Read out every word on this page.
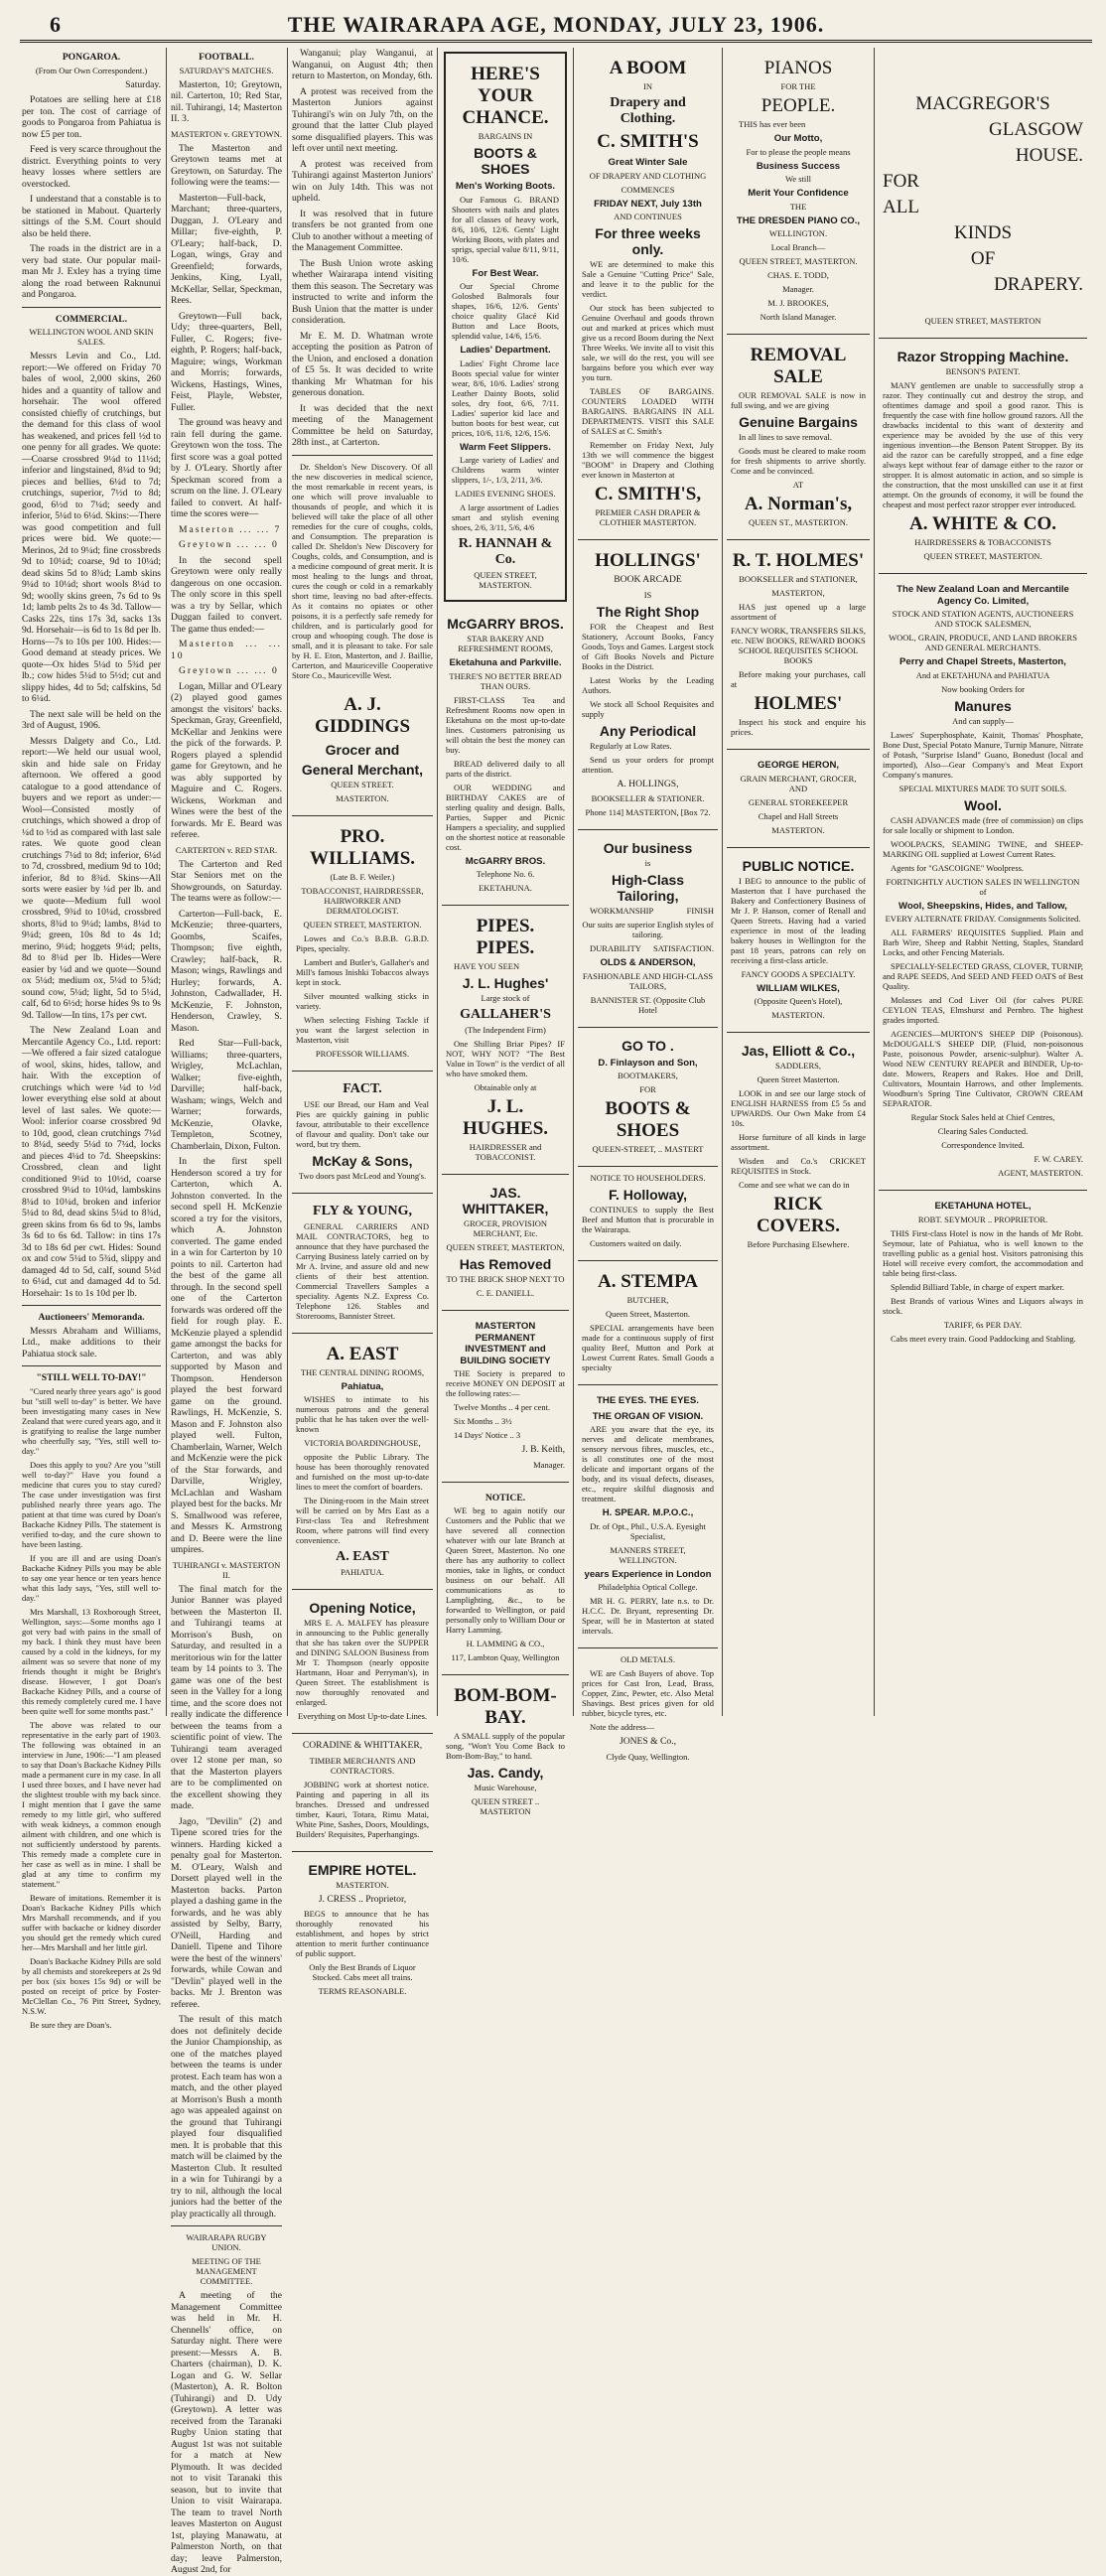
6	THE WAIRARAPA AGE, MONDAY, JULY 23, 1906.
PONGAROA.

(From Our Own Correspondent.)

Saturday.

Potatoes are selling here at £18 per ton. The cost of carriage of goods to Pongaroa from Pahiatua is now £5 per ton.

Feed is very scarce throughout the district. Everything points to very heavy losses where settlers are overstocked.

I understand that a constable is to be stationed in Mabout. Quarterly sittings of the S.M. Court should also be held there.

The roads in the district are in a very bad state. Our popular mail-man Mr J. Exley has a trying time along the road between Raknunui and Pongaroa.

COMMERCIAL.

WELLINGTON WOOL AND SKIN SALES.

Messrs Levin and Co., Ltd. report:—We offered on Friday 70 bales of wool, 2,000 skins, 260 hides and a quantity of tallow and horsehair. The wool offered consisted chiefly of crutchings, but the demand for this class of wool has weakened, and prices fell ½d to one penny for all grades. We quote:—Coarse crossbred 9¼d to 11½d; inferior and lingstained, 8¼d to 9d; pieces and bellies, 6¼d to 7d; crutchings, superior, 7½d to 8d; good, 6½d to 7¼d; seedy and inferior, 5¼d to 6¼d. Skins:—There was good competition and full prices were bid. We quote:—Merinos, 2d to 9¼d; fine crossbreds 9d to 10¼d; coarse, 9d to 10¼d; dead skins 5d to 8¾d; Lamb skins 9¼d to 10¼d; short wools 8¼d to 9d; woolly skins green, 7s 6d to 9s 1d; lamb pelts 2s to 4s 3d. Tallow—Casks 22s, tins 17s 3d, sacks 13s 9d. Horsehair—is 6d to 1s 8d per lb. Horns—7s to 10s per 100. Hides:—Good demand at steady prices. We quote—Ox hides 5¼d to 5¾d per lb.; cow hides 5¼d to 5½d; cut and slippy hides, 4d to 5d; calfskins, 5d to 6¼d.

The next sale will be held on the 3rd of August, 1906.

Messrs Dalgety and Co., Ltd. report:—We held our usual wool, skin and hide sale on Friday afternoon. We offered a good catalogue to a good attendance of buyers and we report as under:—Wool—Consisted mostly of crutchings, which showed a drop of ¼d to ½d as compared with last sale rates. We quote good clean crutchings 7¼d to 8d; inferior, 6¼d to 7d, crossbred, medium 9d to 10d; inferior, 8d to 8¾d. Skins—All sorts were easier by ¼d per lb. and we quote—Medium full wool crossbred, 9¾d to 10¼d, crossbred shorts, 8¾d to 9¼d; lambs, 8¼d to 9¼d; green, 10s 8d to 4s 1d; merino, 9¼d; hoggets 9¼d; pelts, 8d to 8¼d per lb. Hides—Were easier by ¼d and we quote—Sound ox 5¼d; medium ox, 5¼d to 5¾d; sound cow, 5¼d; light, 5d to 5¼d, calf, 6d to 6½d; horse hides 9s to 9s 9d. Tallow—In tins, 17s per cwt.

The New Zealand Loan and Mercantile Agency Co., Ltd. report:—We offered a fair sized catalogue of wool, skins, hides, tallow, and hair. With the exception of crutchings which were ¼d to ½d lower everything else sold at about level of last sales. We quote:—Wool: inferior coarse crossbred 9d to 10d, good, clean crutchings 7¼d to 8¼d, seedy 5¼d to 7¼d, locks and pieces 4¼d to 7d. Sheepskins: Crossbred, clean and light conditioned 9¼d to 10½d, coarse crossbred 9¼d to 10¼d, lambskins 8¼d to 10¼d, broken and inferior 5¼d to 8d, dead skins 5¼d to 8¾d, green skins from 6s 6d to 9s, lambs 3s 6d to 6s 6d. Tallow: in tins 17s 3d to 18s 6d per cwt. Hides: Sound ox and cow 5¼d to 5¾d, slippy and damaged 4d to 5d, calf, sound 5¼d to 6¼d, cut and damaged 4d to 5d. Horsehair: 1s to 1s 10d per lb.

Auctioneers' Memoranda.

Messrs Abraham and Williams, Ltd., make additions to their Pahiatua stock sale.

"STILL WELL TO-DAY!"

"Cured nearly three years ago" is good but "still well to-day" is better. We have been investigating many cases in New Zealand that were cured years ago, and it is gratifying to realise the large number who cheerfully say, "Yes, still well to-day."

Does this apply to you? Are you "still well to-day?" Have you found a medicine that cures you to stay cured? The case under investigation was first published nearly three years ago. The patient at that time was cured by Doan's Backache Kidney Pills. The statement is verified to-day, and the cure shown to have been lasting.

If you are ill and are using Doan's Backache Kidney Pills you may be able to say one year hence or ten years hence what this lady says, "Yes, still well to-day."

Mrs Marshall, 13 Roxborough Street, Wellington, says:—Some months ago I got very bad with pains in the small of my back. I think they must have been caused by a cold in the kidneys, for my ailment was so severe that none of my friends thought it might be Bright's disease. However, I got Doan's Backache Kidney Pills, and a course of this remedy completely cured me. I have been quite well for some months past."

The above was related to our representative in the early part of 1903. The following was obtained in an interview in June, 1906:—"I am pleased to say that Doan's Backache Kidney Pills made a permanent cure in my case. In all I used three boxes, and I have never had the slightest trouble with my back since. I might mention that I gave the same remedy to my little girl, who suffered with weak kidneys, a common enough ailment with children, and one which is not sufficiently understood by parents. This remedy made a complete cure in her case as well as in mine. I shall be glad at any time to confirm my statement."

Beware of imitations. Remember it is Doan's Backache Kidney Pills which Mrs Marshall recommends, and if you suffer with backache or kidney disorder you should get the remedy which cured her—Mrs Marshall and her little girl.

Doan's Backache Kidney Pills are sold by all chemists and storekeepers at 2s 9d per box (six boxes 15s 9d) or will be posted on receipt of price by Foster-McClellan Co., 76 Pitt Street, Sydney, N.S.W.

Be sure they are Doan's.

FOOTBALL.

SATURDAY'S MATCHES.

Masterton, 10; Greytown, nil. Carterton, 10; Red Star, nil. Tuhirangi, 14; Masterton II. 3.

MASTERTON v. GREYTOWN.

The Masterton and Greytown teams met at Greytown, on Saturday. The following were the teams:—

Masterton—Full-back, Marchant; three-quarters, Duggan, J. O'Leary and Millar; five-eighth, P. O'Leary; half-back, D. Logan, wings, Gray and Greenfield; forwards, Jenkins, King, Lyall, McKellar, Sellar, Speckman, Rees.

Greytown—Full back, Udy; three-quarters, Bell, Fuller, C. Rogers; five-eighth, P. Rogers; half-back, Maguire; wings, Workman and Morris; forwards, Wickens, Hastings, Wines, Feist, Playle, Webster, Fuller.

The ground was heavy and rain fell during the game. Greytown won the toss. The first score was a goal potted by J. O'Leary. Shortly after Speckman scored from a scrum on the line. J. O'Leary failed to convert. At half-time the scores were—

Masterton ... ... 7

Greytown ... ... 0

In the second spell Greytown were only really dangerous on one occasion. The only score in this spell was a try by Sellar, which Duggan failed to convert. The game thus ended:—

Masterton ... ... 10

Greytown ... ... 0

Logan, Millar and O'Leary (2) played good games amongst the visitors' backs. Speckman, Gray, Greenfield, McKellar and Jenkins were the pick of the forwards. P. Rogers played a splendid game for Greytown, and he was ably supported by Maguire and C. Rogers. Wickens, Workman and Wines were the best of the forwards. Mr E. Beard was referee.

CARTERTON v. RED STAR.

The Carterton and Red Star Seniors met on the Showgrounds, on Saturday. The teams were as follow:—

Carterton—Full-back, E. McKenzie; three-quarters, Goombs, Scaifes, Thompson; five eighth, Crawley; half-back, R. Mason; wings, Rawlings and Hurley; forwards, A. Johnston, Cadwallader, H. McKenzie, F. Johnston, Henderson, Crawley, S. Mason.

Red Star—Full-back, Williams; three-quarters, Wrigley, McLachlan, Walker; five-eighth, Darville; half-back, Washam; wings, Welch and Warner; forwards, McKenzie, Olavke, Templeton, Scotney, Chamberlain, Dixon, Fulton.

In the first spell Henderson scored a try for Carterton, which A. Johnston converted. In the second spell H. McKenzie scored a try for the visitors, which A. Johnston converted. The game ended in a win for Carterton by 10 points to nil. Carterton had the best of the game all through. In the second spell one of the Carterton forwards was ordered off the field for rough play. E. McKenzie played a splendid game amongst the backs for Carterton, and was ably supported by Mason and Thompson. Henderson played the best forward game on the ground. Rawlings, H. McKenzie, S. Mason and F. Johnston also played well. Fulton, Chamberlain, Warner, Welch and McKenzie were the pick of the Star forwards, and Darville, Wrigley, McLachlan and Washam played best for the backs. Mr S. Smallwood was referee, and Messrs K. Armstrong and D. Beere were the line umpires.

TUHIRANGI v. MASTERTON II.

The final match for the Junior Banner was played between the Masterton II. and Tuhirangi teams at Morrison's Bush, on Saturday, and resulted in a meritorious win for the latter team by 14 points to 3. The game was one of the best seen in the Valley for a long time, and the score does not really indicate the difference between the teams from a scientific point of view. The Tuhirangi team averaged over 12 stone per man, so that the Masterton players are to be complimented on the excellent showing they made.

Jago, "Devilin" (2) and Tipene scored tries for the winners. Harding kicked a penalty goal for Masterton. M. O'Leary, Walsh and Dorsett played well in the Masterton backs. Parton played a dashing game in the forwards, and he was ably assisted by Selby, Barry, O'Neill, Harding and Daniell. Tipene and Tihore were the best of the winners' forwards, while Cowan and "Devlin" played well in the backs. Mr J. Brenton was referee.

The result of this match does not definitely decide the Junior Championship, as one of the matches played between the teams is under protest. Each team has won a match, and the other played at Morrison's Bush a month ago was appealed against on the ground that Tuhirangi played four disqualified men. It is probable that this match will be claimed by the Masterton Club. It resulted in a win for Tuhirangi by a try to nil, although the local juniors had the better of the play practically all through.

WAIRARAPA RUGBY UNION.

MEETING OF THE MANAGEMENT COMMITTEE.

A meeting of the Management Committee was held in Mr. H. Chennells' office, on Saturday night. There were present:—Messrs A. B. Charters (chairman), D. K. Logan and G. W. Sellar (Masterton), A. R. Bolton (Tuhirangi) and D. Udy (Greytown). A letter was received from the Taranaki Rugby Union stating that August 1st was not suitable for a match at New Plymouth. It was decided not to visit Taranaki this season, but to invite that Union to visit Wairarapa. The team to travel North leaves Masterton on August 1st, playing Manawatu, at Palmerston North, on that day; leave Palmerston, August 2nd, for

Wanganui; play Wanganui, at Wanganui, on August 4th; then return to Masterton, on Monday, 6th.

A protest was received from the Masterton Juniors against Tuhirangi's win on July 7th, on the ground that the latter Club played some disqualified players. This was left over until next meeting.

A protest was received from Tuhirangi against Masterton Juniors' win on July 14th. This was not upheld.

It was resolved that in future transfers be not granted from one Club to another without a meeting of the Management Committee.

The Bush Union wrote asking whether Wairarapa intend visiting them this season. The Secretary was instructed to write and inform the Bush Union that the matter is under consideration.

Mr E. M. D. Whatman wrote accepting the position as Patron of the Union, and enclosed a donation of £5 5s. It was decided to write thanking Mr Whatman for his generous donation.

It was decided that the next meeting of the Management Committee be held on Saturday, 28th inst., at Carterton.

Dr. Sheldon's New Discovery. Of all the new discoveries in medical science, the most remarkable in recent years, is one which will prove invaluable to thousands of people, and which it is believed will take the place of all other remedies for the cure of coughs, colds, and Consumption. The preparation is called Dr. Sheldon's New Discovery for Coughs, colds, and Consumption, and is a medicine compound of great merit. It is most healing to the lungs and throat, cures the cough or cold in a remarkably short time, leaving no bad after-effects. As it contains no opiates or other poisons, it is a perfectly safe remedy for children, and is particularly good for croup and whooping cough. The dose is small, and it is pleasant to take. For sale by H. E. Eton, Masterton, and J. Baillie, Carterton, and Mauriceville Cooperative Store Co., Mauriceville West.

A. J. GIDDINGS
Grocer and
General Merchant,

QUEEN STREET.

MASTERTON.

PRO. WILLIAMS.

(Late B. F. Weiler.)

TOBACCONIST, HAIRDRESSER, HAIRWORKER AND DERMATOLOGIST.

QUEEN STREET, MASTERTON.

Lowes and Co.'s B.B.B. G.B.D. Pipes, specialty.

Lambert and Butler's, Gallaher's and Mill's famous Inishki Tobaccos always kept in stock.

Silver mounted walking sticks in variety.

When selecting Fishing Tackle if you want the largest selection in Masterton, visit

PROFESSOR WILLIAMS.

FACT.

USE our Bread, our Ham and Veal Pies are quickly gaining in public favour, attributable to their excellence of flavour and quality. Don't take our word, but try them.

McKay & Sons,

Two doors past McLeod and Young's.

FLY & YOUNG,

GENERAL CARRIERS AND MAIL CONTRACTORS, beg to announce that they have purchased the Carrying Business lately carried on by Mr A. Irvine, and assure old and new clients of their best attention. Commercial Travellers Samples a speciality. Agents N.Z. Express Co. Telephone 126. Stables and Storerooms, Bannister Street.

A. EAST

THE CENTRAL DINING ROOMS,

Pahiatua,

WISHES to intimate to his numerous patrons and the general public that he has taken over the well-known

VICTORIA BOARDINGHOUSE,

opposite the Public Library. The house has been thoroughly renovated and furnished on the most up-to-date lines to meet the comfort of boarders.

The Dining-room in the Main street will be carried on by Mrs East as a First-class Tea and Refreshment Room, where patrons will find every convenience.

A. EAST

PAHIATUA.

Opening Notice,

MRS E. A. MALFEY has pleasure in announcing to the Public generally that she has taken over the SUPPER and DINING SALOON Business from Mr T. Thompson (nearly opposite Hartmann, Hoar and Perryman's), in Queen Street. The establishment is now thoroughly renovated and enlarged.

Everything on Most Up-to-date Lines.

CORADINE & WHITTAKER,

TIMBER MERCHANTS AND CONTRACTORS.

JOBBING work at shortest notice. Painting and papering in all its branches. Dressed and undressed timber, Kauri, Totara, Rimu Matai, White Pine, Sashes, Doors, Mouldings, Builders' Requisites, Paperhangings.

EMPIRE HOTEL.

MASTERTON.

J. CRESS .. Proprietor,

BEGS to announce that he has thoroughly renovated his establishment, and hopes by strict attention to merit further continuance of public support.

Only the Best Brands of Liquor Stocked. Cabs meet all trains.

TERMS REASONABLE.

HERE'S YOUR CHANCE.

BARGAINS IN

BOOTS & SHOES
Men's Working Boots.

Our Famous G. BRAND Shooters with nails and plates for all classes of heavy work, 8/6, 10/6, 12/6. Gents' Light Working Boots, with plates and sprigs, special value 8/11, 9/11, 10/6.

For Best Wear.

Our Special Chrome Golosbed Balmorals four shapes, 16/6, 12/6. Gents' choice quality Glacé Kid Button and Lace Boots, splendid value, 14/6, 15/6.

Ladies' Department.

Ladies' Fight Chrome lace Boots special value for winter wear, 8/6, 10/6. Ladies' strong Leather Dainty Boots, solid soles, dry foot, 6/6, 7/11. Ladies' superior kid lace and button boots for best wear, cut prices, 10/6, 11/6, 12/6, 15/6.

Warm Feet Slippers.

Large variety of Ladies' and Childrens warm winter slippers, 1/-, 1/3, 2/11, 3/6.

LADIES EVENING SHOES.

A large assortment of Ladies smart and stylish evening shoes, 2/6, 3/11, 5/6, 4/6

R. HANNAH & Co.

QUEEN STREET, MASTERTON.

McGARRY BROS.

STAR BAKERY AND REFRESHMENT ROOMS,

Eketahuna and Parkville.

THERE'S NO BETTER BREAD THAN OURS.

FIRST-CLASS Tea and Refreshment Rooms now open in Eketahuna on the most up-to-date lines. Customers patronising us will obtain the best the money can buy.

BREAD delivered daily to all parts of the district.

OUR WEDDING and BIRTHDAY CAKES are of sterling quality and design. Balls, Parties, Supper and Picnic Hampers a speciality, and supplied on the shortest notice at reasonable cost.

McGARRY BROS.

Telephone No. 6.

EKETAHUNA.

PIPES. PIPES.

HAVE YOU SEEN

J. L. Hughes'

Large stock of

GALLAHER'S

(The Independent Firm)

One Shilling Briar Pipes? IF NOT, WHY NOT? "The Best Value in Town" is the verdict of all who have smoked them.

Obtainable only at

J. L. HUGHES.

HAIRDRESSER and TOBACCONIST.

JAS. WHITTAKER,

GROCER, PROVISION MERCHANT, Etc.

QUEEN STREET, MASTERTON,

Has Removed

TO THE BRICK SHOP NEXT TO

C. E. DANIELL.

MASTERTON PERMANENT INVESTMENT and BUILDING SOCIETY

THE Society is prepared to receive MONEY ON DEPOSIT at the following rates:—

Twelve Months .. 4 per cent.

Six Months .. 3½

14 Days' Notice .. 3

J. B. Keith,

Manager.

NOTICE.

WE beg to again notify our Customers and the Public that we have severed all connection whatever with our late Branch at Queen Street, Masterton. No one there has any authority to collect monies, take in lights, or conduct business on our behalf. All communications as to Lamplighting, &c., to be forwarded to Wellington, or paid personally only to William Dour or Harry Lamming.

H. LAMMING & CO.,

117, Lambton Quay, Wellington

BOM-BOM-BAY.

A SMALL supply of the popular song, "Won't You Come Back to Bom-Bom-Bay," to hand.

Jas. Candy,

Music Warehouse,

QUEEN STREET .. MASTERTON

A BOOM

IN

Drapery and Clothing.
C. SMITH'S
Great Winter Sale

OF DRAPERY AND CLOTHING

COMMENCES

FRIDAY NEXT, July 13th

AND CONTINUES

For three weeks only.

WE are determined to make this Sale a Genuine "Cutting Price" Sale, and leave it to the public for the verdict.

Our stock has been subjected to Genuine Overhaul and goods thrown out and marked at prices which must give us a record Boom during the Next Three Weeks. We invite all to visit this sale, we will do the rest, you will see bargains before you which ever way you turn.

TABLES OF BARGAINS. COUNTERS LOADED WITH BARGAINS. BARGAINS IN ALL DEPARTMENTS. VISIT this SALE of SALES at C. Smith's

Remember on Friday Next, July 13th we will commence the biggest "BOOM" in Drapery and Clothing ever known in Masterton at

C. SMITH'S,

PREMIER CASH DRAPER & CLOTHIER MASTERTON.

HOLLINGS'

BOOK ARCADE

IS

The Right Shop

FOR the Cheapest and Best Stationery, Account Books, Fancy Goods, Toys and Games. Largest stock of Gift Books Novels and Picture Books in the District.

Latest Works by the Leading Authors.

We stock all School Requisites and supply

Any Periodical

Regularly at Low Rates.

Send us your orders for prompt attention.

A. HOLLINGS,

BOOKSELLER & STATIONER.

Phone 114] MASTERTON, [Box 72.

Our business

is

High-Class Tailoring,

WORKMANSHIP	FINISH

Our suits are superior English styles of tailoring.

DURABILITY	SATISFACTION.

OLDS & ANDERSON,

FASHIONABLE AND HIGH-CLASS TAILORS,

BANNISTER ST. (Opposite Club Hotel

GO TO .
D. Finlayson and Son,

BOOTMAKERS,

FOR

BOOTS & SHOES

QUEEN-STREET, .. MASTERT

NOTICE TO HOUSEHOLDERS.

F. Holloway,

CONTINUES to supply the Best Beef and Mutton that is procurable in the Wairarapa.

Customers waited on daily.

A. STEMPA

BUTCHER,

Queen Street, Masterton.

SPECIAL arrangements have been made for a continuous supply of first quality Beef, Mutton and Pork at Lowest Current Rates. Small Goods a specialty

THE EYES. THE EYES.
THE ORGAN OF VISION.

ARE you aware that the eye, its nerves and delicate membranes, sensory nervous fibres, muscles, etc., is all constitutes one of the most delicate and important organs of the body, and its visual defects, diseases, etc., require skilful diagnosis and treatment.

H. SPEAR. M.P.O.C.,

Dr. of Opt., Phil., U.S.A. Eyesight Specialist,

MANNERS STREET, WELLINGTON.

years Experience in London

Philadelphia Optical College.

MR H. G. PERRY, late n.s. to Dr. H.C.C. Dr. Bryant, representing Dr. Spear, will be in Masterton at stated intervals.

OLD METALS.

WE are Cash Buyers of above. Top prices for Cast Iron, Lead, Brass, Copper, Zinc, Pewter, etc. Also Metal Shavings. Best prices given for old rubber, bicycle tyres, etc.

Note the address—

JONES & Co.,

Clyde Quay, Wellington.

PIANOS

FOR THE

PEOPLE.

THIS has ever been

Our Motto,

For to please the people means

Business Success

We still

Merit Your Confidence

THE

THE DRESDEN PIANO CO.,

WELLINGTON.

Local Branch—

QUEEN STREET, MASTERTON.

CHAS. E. TODD,

Manager.

M. J. BROOKES,

North Island Manager.

REMOVAL SALE

OUR REMOVAL SALE is now in full swing, and we are giving

Genuine Bargains

In all lines to save removal.

Goods must be cleared to make room for fresh shipments to arrive shortly. Come and be convinced.

AT

A. Norman's,

QUEEN ST., MASTERTON.

R. T. HOLMES'

BOOKSELLER and STATIONER,

MASTERTON,

HAS just opened up a large assortment of

FANCY WORK, TRANSFERS SILKS, etc. NEW BOOKS, REWARD BOOKS SCHOOL REQUISITES SCHOOL BOOKS

Before making your purchases, call at

HOLMES'

Inspect his stock and enquire his prices.

GEORGE HERON,

GRAIN MERCHANT, GROCER, AND

GENERAL STOREKEEPER

Chapel and Hall Streets

MASTERTON.

PUBLIC NOTICE.

I BEG to announce to the public of Masterton that I have purchased the Bakery and Confectionery Business of Mr J. P. Hanson, corner of Renall and Queen Streets. Having had a varied experience in most of the leading bakery houses in Wellington for the past 18 years, patrons can rely on receiving a first-class article.

FANCY GOODS A SPECIALTY.

WILLIAM WILKES,

(Opposite Queen's Hotel),

MASTERTON.

Jas, Elliott & Co.,

SADDLERS,

Queen Street Masterton.

LOOK in and see our large stock of ENGLISH HARNESS from £5 5s and UPWARDS. Our Own Make from £4 10s.

Horse furniture of all kinds in large assortment.

Wisden and Co.'s CRICKET REQUISITES in Stock.

Come and see what we can do in

RICK COVERS.

Before Purchasing Elsewhere.

MACGREGOR'S
GLASGOW
HOUSE.
FOR
ALL
KINDS
OF
DRAPERY.

QUEEN STREET, MASTERTON

Razor Stropping Machine.

BENSON'S PATENT.

MANY gentlemen are unable to successfully strop a razor. They continually cut and destroy the strop, and oftentimes damage and spoil a good razor. This is frequently the case with fine hollow ground razors. All the drawbacks incidental to this want of dexterity and experience may be avoided by the use of this very ingenious invention—the Benson Patent Stropper. By its aid the razor can be carefully stropped, and a fine edge always kept without fear of damage either to the razor or stropper. It is almost automatic in action, and so simple is the construction, that the most unskilled can use it at first attempt. On the grounds of economy, it will be found the cheapest and most perfect razor stropper ever introduced.

A. WHITE & CO.

HAIRDRESSERS & TOBACCONISTS

QUEEN STREET, MASTERTON.

The New Zealand Loan and Mercantile Agency Co. Limited,

STOCK AND STATION AGENTS, AUCTIONEERS AND STOCK SALESMEN,

WOOL, GRAIN, PRODUCE, AND LAND BROKERS AND GENERAL MERCHANTS.

Perry and Chapel Streets, Masterton,

And at EKETAHUNA and PAHIATUA

Now booking Orders for

Manures

And can supply—

Lawes' Superphosphate, Kainit, Thomas' Phosphate, Bone Dust, Special Potato Manure, Turnip Manure, Nitrate of Potash, "Surprise Island" Guano, Bonedust (local and imported), Also—Gear Company's and Meat Export Company's manures.

SPECIAL MIXTURES MADE TO SUIT SOILS.

Wool.

CASH ADVANCES made (free of commission) on clips for sale locally or shipment to London.

WOOLPACKS, SEAMING TWINE, and SHEEP-MARKING OIL supplied at Lowest Current Rates.

Agents for "GASCOIGNE" Woolpress.

FORTNIGHTLY AUCTION SALES IN WELLINGTON of

Wool, Sheepskins, Hides, and Tallow,

EVERY ALTERNATE FRIDAY. Consignments Solicited.

ALL FARMERS' REQUISITES Supplied. Plain and Barb Wire, Sheep and Rabbit Netting, Staples, Standard Locks, and other Fencing Materials.

SPECIALLY-SELECTED GRASS, CLOVER, TURNIP, and RAPE SEEDS, And SEED AND FEED OATS of Best Quality.

Molasses and Cod Liver Oil (for calves PURE CEYLON TEAS, Elmshurst and Pernbro. The highest grades imported.

AGENCIES—MURTON'S SHEEP DIP (Poisonous). McDOUGALL'S SHEEP DIP, (Fluid, non-poisonous Paste, poisonous Powder, arsenic-sulphur). Walter A. Wood NEW CENTURY REAPER and BINDER, Up-to-date. Mowers, Reapers and Rakes. Hoe and Drill, Cultivators, Mountain Harrows, and other Implements. Woodburn's Spring Tine Cultivator, CROWN CREAM SEPARATOR.

Regular Stock Sales held at Chief Centres,

Clearing Sales Conducted.

Correspondence Invited.

F. W. CAREY.

AGENT, MASTERTON.

EKETAHUNA HOTEL,

ROBT. SEYMOUR .. PROPRIETOR.

THIS First-class Hotel is now in the hands of Mr Robt. Seymour, late of Pahiatua, who is well known to the travelling public as a genial host. Visitors patronising this Hotel will receive every comfort, the accommodation and table being first-class.

Splendid Billiard Table, in charge of expert marker.

Best Brands of various Wines and Liquors always in stock.

TARIFF, 6s PER DAY.

Cabs meet every train. Good Paddocking and Stabling.
